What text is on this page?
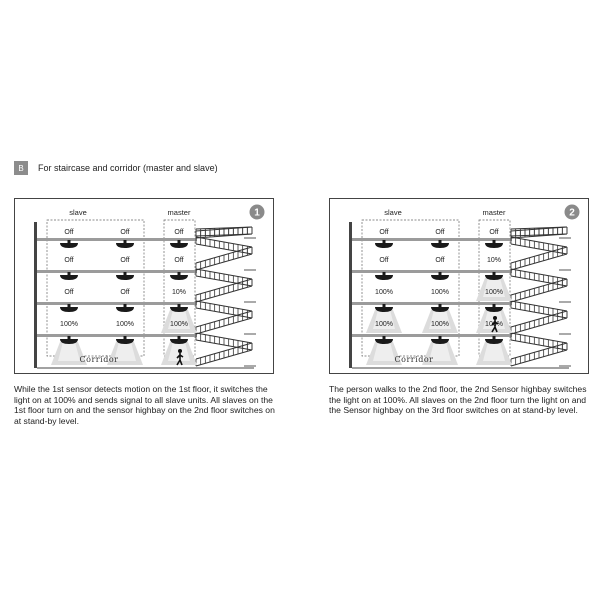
B	For staircase and corridor (master and slave)
1
slave	master
Off	Off	Off
Off	Off	Off
Off	Off	10%
100%	100%	100%
Corridor
2
slave	master
Off	Off	Off
Off	Off	10%
100%	100%	100%
100%	100%	100%
Corridor
While the 1st sensor detects motion on the 1st floor, it switches the light on at 100% and sends signal to all slave units. All slaves on the 1st floor turn on and the sensor highbay on the 2nd floor switches on at stand-by level.
The person walks to the 2nd floor, the 2nd Sensor highbay switches the light on at 100%. All slaves on the 2nd floor turn the light on and the Sensor highbay on the 3rd floor switches on at stand-by level.
